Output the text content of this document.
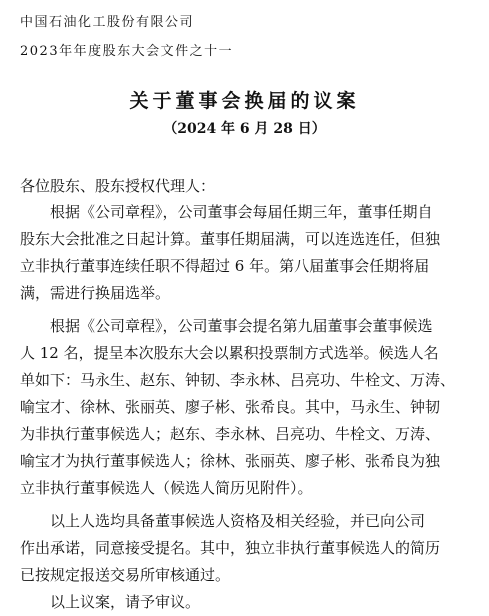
中国石油化工股份有限公司
2023年年度股东大会文件之十一
关于董事会换届的议案
（2024 年 6 月 28 日）
各位股东、股东授权代理人：
根据《公司章程》，公司董事会每届任期三年，董事任期自
股东大会批准之日起计算。董事任期届满，可以连选连任，但独
立非执行董事连续任职不得超过 6 年。第八届董事会任期将届
满，需进行换届选举。
根据《公司章程》，公司董事会提名第九届董事会董事候选
人 12 名，提呈本次股东大会以累积投票制方式选举。候选人名
单如下：马永生、赵东、钟韧、李永林、吕亮功、牛栓文、万涛、
喻宝才、徐林、张丽英、廖子彬、张希良。其中，马永生、钟韧
为非执行董事候选人；赵东、李永林、吕亮功、牛栓文、万涛、
喻宝才为执行董事候选人；徐林、张丽英、廖子彬、张希良为独
立非执行董事候选人（候选人简历见附件）。
以上人选均具备董事候选人资格及相关经验，并已向公司
作出承诺，同意接受提名。其中，独立非执行董事候选人的简历
已按规定报送交易所审核通过。
以上议案，请予审议。
